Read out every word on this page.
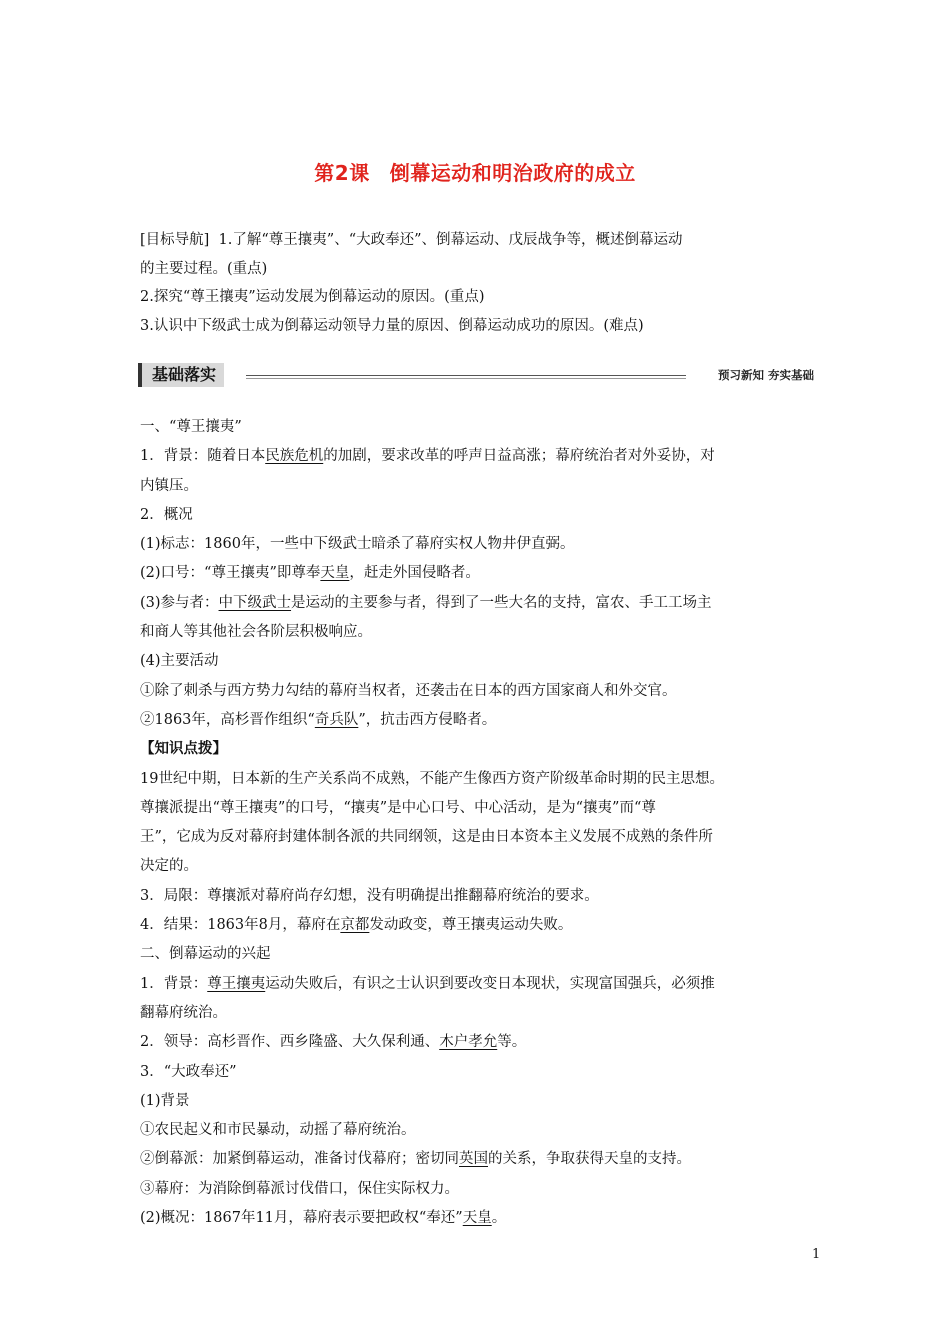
第2课 倒幕运动和明治政府的成立

[目标导航] 1.了解“尊王攘夷”、“大政奉还”、倒幕运动、戊辰战争等，概述倒幕运动

的主要过程。(重点)

2.探究“尊王攘夷”运动发展为倒幕运动的原因。(重点)

3.认识中下级武士成为倒幕运动领导力量的原因、倒幕运动成功的原因。(难点)

基础落实	预习新知 夯实基础

一、“尊王攘夷”

1．背景：随着日本民族危机的加剧，要求改革的呼声日益高涨；幕府统治者对外妥协，对

内镇压。

2．概况

(1)标志：1860年，一些中下级武士暗杀了幕府实权人物井伊直弼。

(2)口号：“尊王攘夷”即尊奉天皇，赶走外国侵略者。

(3)参与者：中下级武士是运动的主要参与者，得到了一些大名的支持，富农、手工工场主

和商人等其他社会各阶层积极响应。

(4)主要活动

①除了刺杀与西方势力勾结的幕府当权者，还袭击在日本的西方国家商人和外交官。

②1863年，高杉晋作组织“奇兵队”，抗击西方侵略者。

【知识点拨】

19世纪中期，日本新的生产关系尚不成熟，不能产生像西方资产阶级革命时期的民主思想。

尊攘派提出“尊王攘夷”的口号，“攘夷”是中心口号、中心活动，是为“攘夷”而“尊

王”，它成为反对幕府封建体制各派的共同纲领，这是由日本资本主义发展不成熟的条件所

决定的。

3．局限：尊攘派对幕府尚存幻想，没有明确提出推翻幕府统治的要求。

4．结果：1863年8月，幕府在京都发动政变，尊王攘夷运动失败。

二、倒幕运动的兴起

1．背景：尊王攘夷运动失败后，有识之士认识到要改变日本现状，实现富国强兵，必须推

翻幕府统治。

2．领导：高杉晋作、西乡隆盛、大久保利通、木户孝允等。

3．“大政奉还”

(1)背景

①农民起义和市民暴动，动摇了幕府统治。

②倒幕派：加紧倒幕运动，准备讨伐幕府；密切同英国的关系，争取获得天皇的支持。

③幕府：为消除倒幕派讨伐借口，保住实际权力。

(2)概况：1867年11月，幕府表示要把政权“奉还”天皇。

1
